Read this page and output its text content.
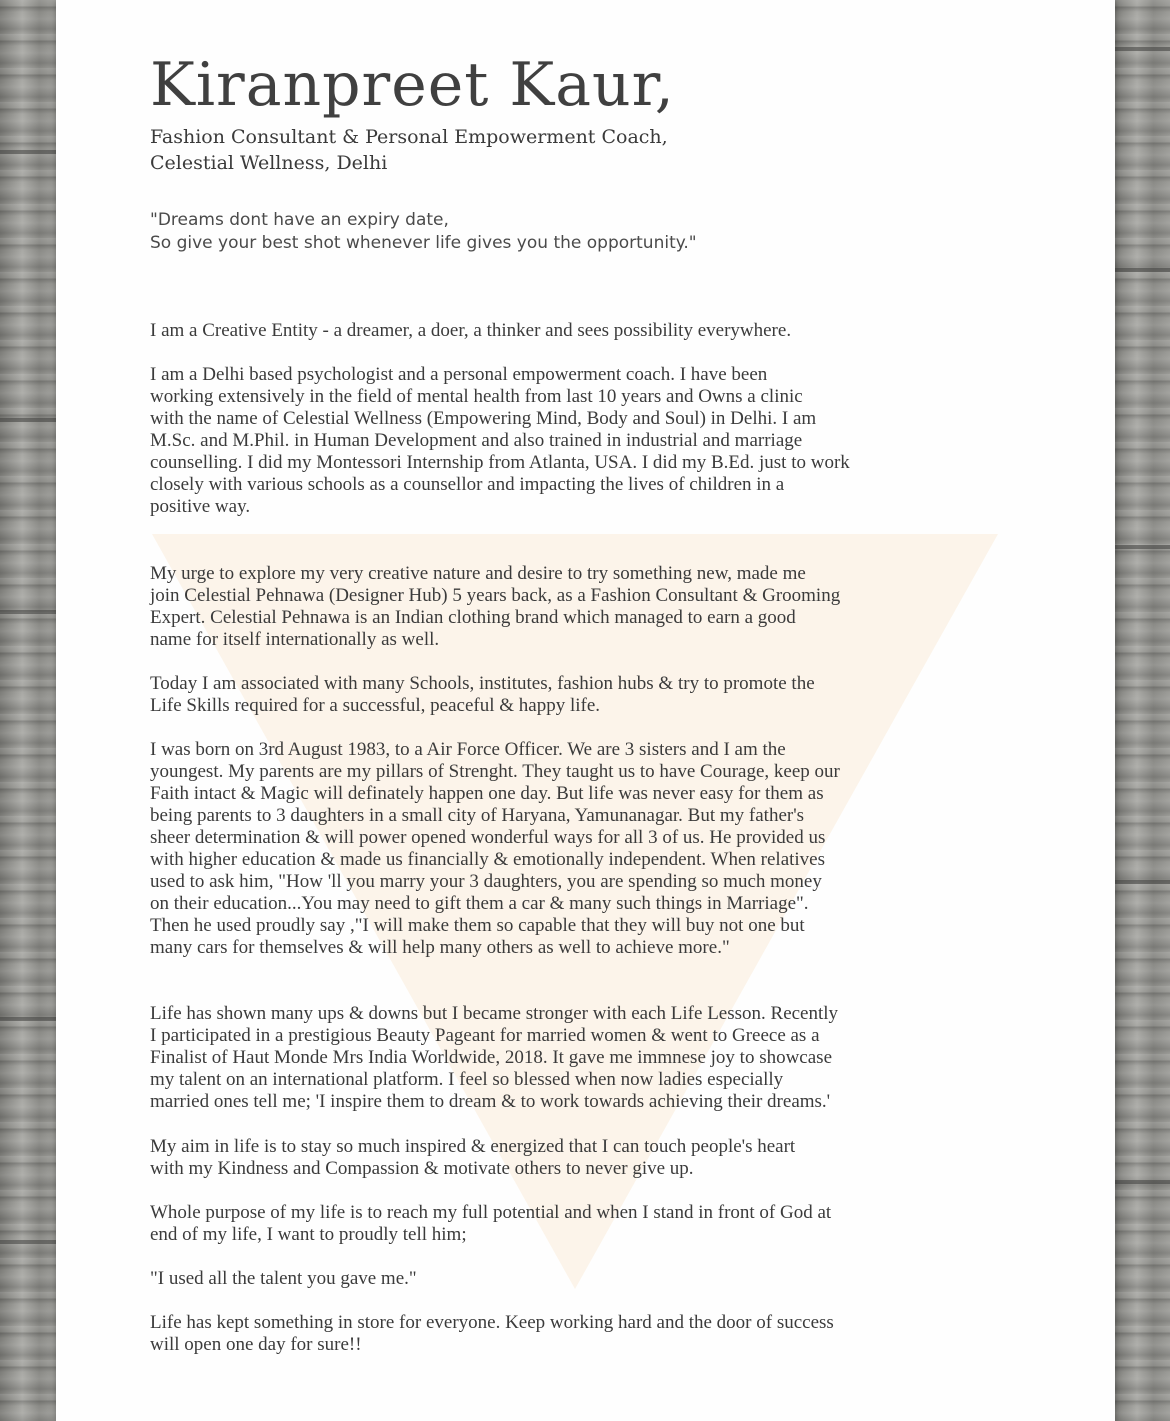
Kiranpreet Kaur,

Fashion Consultant & Personal Empowerment Coach,

Celestial Wellness, Delhi

"Dreams dont have an expiry date,
So give your best shot whenever life gives you the opportunity."

I am a Creative Entity - a dreamer, a doer, a thinker and sees possibility everywhere.

I am a Delhi based psychologist and a personal empowerment coach. I have been
working extensively in the field of mental health from last 10 years and Owns a clinic
with the name of Celestial Wellness (Empowering Mind, Body and Soul) in Delhi. I am
M.Sc. and M.Phil. in Human Development and also trained in industrial and marriage
counselling. I did my Montessori Internship from Atlanta, USA. I did my B.Ed. just to work
closely with various schools as a counsellor and impacting the lives of children in a
positive way.

My urge to explore my very creative nature and desire to try something new, made me
join Celestial Pehnawa (Designer Hub) 5 years back, as a Fashion Consultant & Grooming
Expert. Celestial Pehnawa is an Indian clothing brand which managed to earn a good
name for itself internationally as well.

Today I am associated with many Schools, institutes, fashion hubs & try to promote the
Life Skills required for a successful, peaceful & happy life.

I was born on 3rd August 1983, to a Air Force Officer. We are 3 sisters and I am the
youngest. My parents are my pillars of Strenght. They taught us to have Courage, keep our
Faith intact & Magic will definately happen one day. But life was never easy for them as
being parents to 3 daughters in a small city of Haryana, Yamunanagar. But my father's
sheer determination & will power opened wonderful ways for all 3 of us. He provided us
with higher education & made us financially & emotionally independent. When relatives
used to ask him, "How 'll you marry your 3 daughters, you are spending so much money
on their education...You may need to gift them a car & many such things in Marriage".
Then he used proudly say ,"I will make them so capable that they will buy not one but
many cars for themselves & will help many others as well to achieve more."

Life has shown many ups & downs but I became stronger with each Life Lesson. Recently
I participated in a prestigious Beauty Pageant for married women & went to Greece as a
Finalist of Haut Monde Mrs India Worldwide, 2018. It gave me immnese joy to showcase
my talent on an international platform. I feel so blessed when now ladies especially
married ones tell me; 'I inspire them to dream & to work towards achieving their dreams.'

My aim in life is to stay so much inspired & energized that I can touch people's heart
with my Kindness and Compassion & motivate others to never give up.

Whole purpose of my life is to reach my full potential and when I stand in front of God at
end of my life, I want to proudly tell him;

"I used all the talent you gave me."

Life has kept something in store for everyone. Keep working hard and the door of success
will open one day for sure!!
